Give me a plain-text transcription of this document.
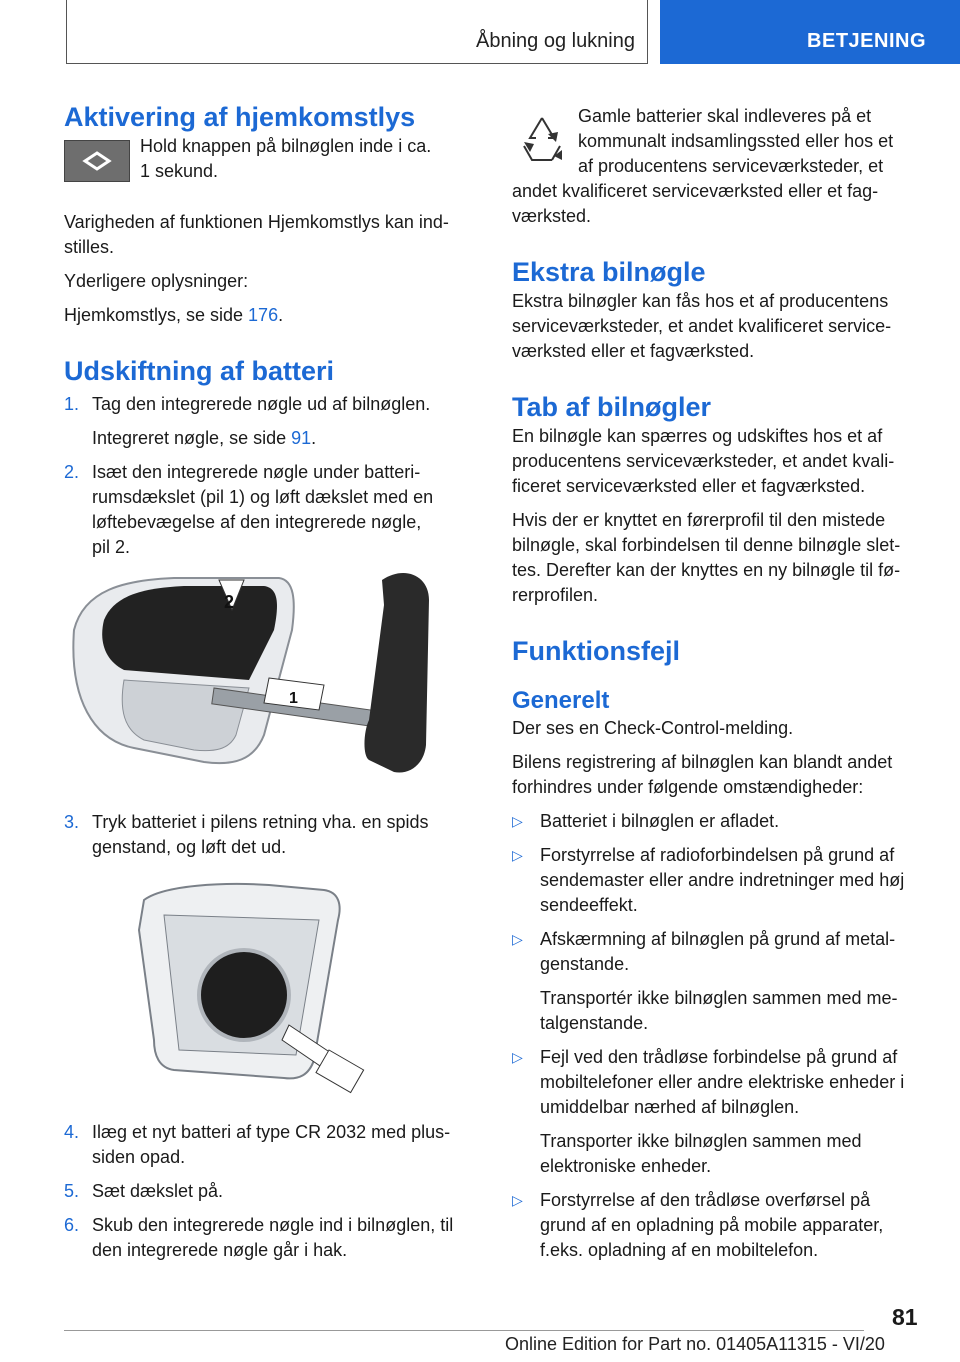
Åbning og lukning	BETJENING
Aktivering af hjemkomstlys

Hold knappen på bilnøglen inde i ca.

1 sekund.

Varigheden af funktionen Hjemkomstlys kan ind-

stilles.

Yderligere oplysninger:

Hjemkomstlys, se side 176.

Udskiftning af batteri
1. Tag den integrerede nøgle ud af bilnøglen.
Integreret nøgle, se side 91.
2. Isæt den integrerede nøgle under batteri-
rumsdækslet (pil 1) og løft dækslet med en
løftebevægelse af den integrerede nøgle,
pil 2.
2
1
3. Tryk batteriet i pilens retning vha. en spids
genstand, og løft det ud.
4. Ilæg et nyt batteri af type CR 2032 med plus-
siden opad.
5. Sæt dækslet på.
6. Skub den integrerede nøgle ind i bilnøglen, til
den integrerede nøgle går i hak.

Gamle batterier skal indleveres på et

kommunalt indsamlingssted eller hos et

af producentens serviceværksteder, et

andet kvalificeret serviceværksted eller et fag-

værksted.

Ekstra bilnøgle

Ekstra bilnøgler kan fås hos et af producentens

serviceværksteder, et andet kvalificeret service-

værksted eller et fagværksted.

Tab af bilnøgler

En bilnøgle kan spærres og udskiftes hos et af

producentens serviceværksteder, et andet kvali-

ficeret serviceværksted eller et fagværksted.

Hvis der er knyttet en førerprofil til den mistede

bilnøgle, skal forbindelsen til denne bilnøgle slet-

tes. Derefter kan der knyttes en ny bilnøgle til fø-

rerprofilen.

Funktionsfejl
Generelt

Der ses en Check-Control-melding.

Bilens registrering af bilnøglen kan blandt andet

forhindres under følgende omstændigheder:

▷ Batteriet i bilnøglen er afladet.
▷ Forstyrrelse af radioforbindelsen på grund af
sendemaster eller andre indretninger med høj
sendeeffekt.
▷ Afskærmning af bilnøglen på grund af metal-
genstande.
Transportér ikke bilnøglen sammen med me-
talgenstande.
▷ Fejl ved den trådløse forbindelse på grund af
mobiltelefoner eller andre elektriske enheder i
umiddelbar nærhed af bilnøglen.
Transporter ikke bilnøglen sammen med
elektroniske enheder.
▷ Forstyrrelse af den trådløse overførsel på
grund af en opladning på mobile apparater,
f.eks. opladning af en mobiltelefon.
81
Online Edition for Part no. 01405A11315 - VI/20
